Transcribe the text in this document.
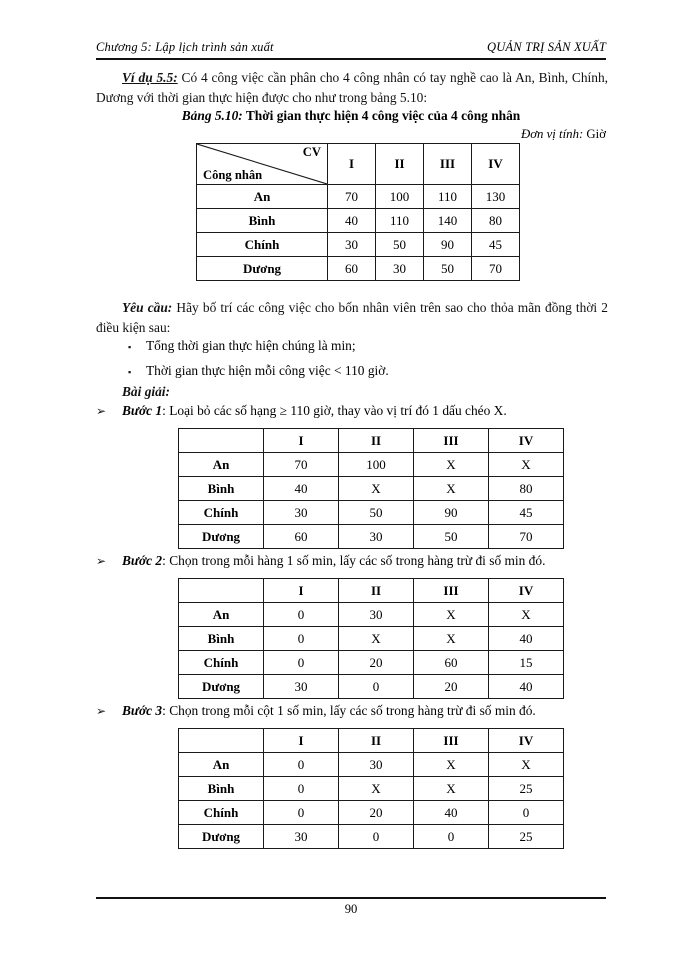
Chương 5: Lập lịch trình sản xuất	QUẢN TRỊ SẢN XUẤT
Ví dụ 5.5: Có 4 công việc cần phân cho 4 công nhân có tay nghề cao là An, Bình, Chính, Dương với thời gian thực hiện được cho như trong bảng 5.10:
Bảng 5.10: Thời gian thực hiện 4 công việc của 4 công nhân
Đơn vị tính: Giờ
CV
Công nhân	I	II	III	IV
An	70	100	110	130
Bình	40	110	140	80
Chính	30	50	90	45
Dương	60	30	50	70
Yêu cầu: Hãy bố trí các công việc cho bốn nhân viên trên sao cho thỏa mãn đồng thời 2 điều kiện sau:
▪	Tổng thời gian thực hiện chúng là min;
▪	Thời gian thực hiện mỗi công việc < 110 giờ.
Bài giải:
➢	Bước 1: Loại bỏ các số hạng ≥ 110 giờ, thay vào vị trí đó 1 dấu chéo X.
	I	II	III	IV
An	70	100	X	X
Bình	40	X	X	80
Chính	30	50	90	45
Dương	60	30	50	70
➢	Bước 2: Chọn trong mỗi hàng 1 số min, lấy các số trong hàng trừ đi số min đó.
	I	II	III	IV
An	0	30	X	X
Bình	0	X	X	40
Chính	0	20	60	15
Dương	30	0	20	40
➢	Bước 3: Chọn trong mỗi cột 1 số min, lấy các số trong hàng trừ đi số min đó.
	I	II	III	IV
An	0	30	X	X
Bình	0	X	X	25
Chính	0	20	40	0
Dương	30	0	0	25
90
